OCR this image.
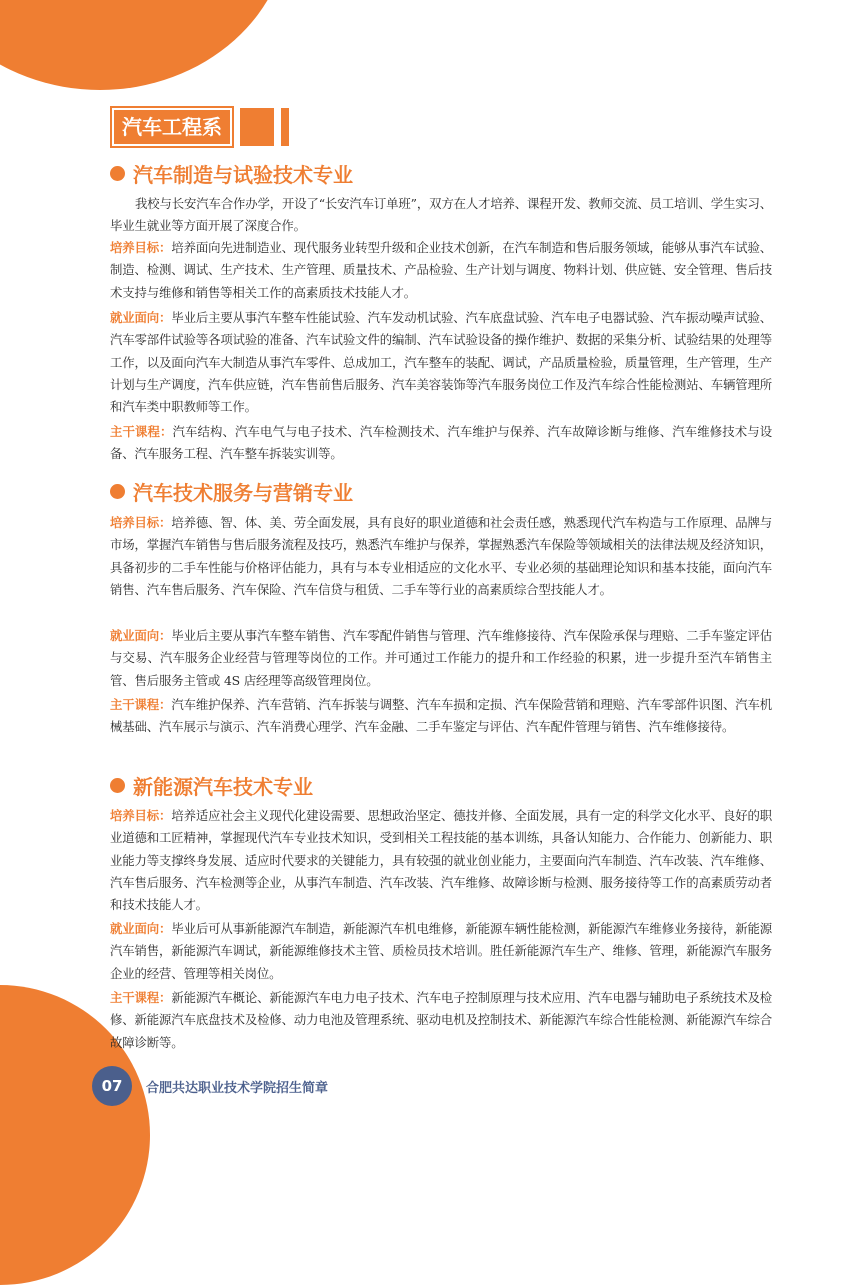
汽车工程系
汽车制造与试验技术专业

我校与长安汽车合作办学，开设了“长安汽车订单班”，双方在人才培养、课程开发、教师交流、员工培训、学生实习、毕业生就业等方面开展了深度合作。

培养目标：培养面向先进制造业、现代服务业转型升级和企业技术创新，在汽车制造和售后服务领域，能够从事汽车试验、制造、检测、调试、生产技术、生产管理、质量技术、产品检验、生产计划与调度、物料计划、供应链、安全管理、售后技术支持与维修和销售等相关工作的高素质技术技能人才。

就业面向：毕业后主要从事汽车整车性能试验、汽车发动机试验、汽车底盘试验、汽车电子电器试验、汽车振动噪声试验、汽车零部件试验等各项试验的准备、汽车试验文件的编制、汽车试验设备的操作维护、数据的采集分析、试验结果的处理等工作，以及面向汽车大制造从事汽车零件、总成加工，汽车整车的装配、调试，产品质量检验，质量管理，生产管理，生产计划与生产调度，汽车供应链，汽车售前售后服务、汽车美容装饰等汽车服务岗位工作及汽车综合性能检测站、车辆管理所和汽车类中职教师等工作。

主干课程：汽车结构、汽车电气与电子技术、汽车检测技术、汽车维护与保养、汽车故障诊断与维修、汽车维修技术与设备、汽车服务工程、汽车整车拆装实训等。

汽车技术服务与营销专业

培养目标：培养德、智、体、美、劳全面发展，具有良好的职业道德和社会责任感，熟悉现代汽车构造与工作原理、品牌与市场，掌握汽车销售与售后服务流程及技巧，熟悉汽车维护与保养，掌握熟悉汽车保险等领域相关的法律法规及经济知识，具备初步的二手车性能与价格评估能力，具有与本专业相适应的文化水平、专业必须的基础理论知识和基本技能，面向汽车销售、汽车售后服务、汽车保险、汽车信贷与租赁、二手车等行业的高素质综合型技能人才。

就业面向：毕业后主要从事汽车整车销售、汽车零配件销售与管理、汽车维修接待、汽车保险承保与理赔、二手车鉴定评估与交易、汽车服务企业经营与管理等岗位的工作。并可通过工作能力的提升和工作经验的积累，进一步提升至汽车销售主管、售后服务主管或 4S 店经理等高级管理岗位。

主干课程：汽车维护保养、汽车营销、汽车拆装与调整、汽车车损和定损、汽车保险营销和理赔、汽车零部件识图、汽车机械基础、汽车展示与演示、汽车消费心理学、汽车金融、二手车鉴定与评估、汽车配件管理与销售、汽车维修接待。

新能源汽车技术专业

培养目标：培养适应社会主义现代化建设需要、思想政治坚定、德技并修、全面发展，具有一定的科学文化水平、良好的职业道德和工匠精神，掌握现代汽车专业技术知识，受到相关工程技能的基本训练，具备认知能力、合作能力、创新能力、职业能力等支撑终身发展、适应时代要求的关键能力，具有较强的就业创业能力，主要面向汽车制造、汽车改装、汽车维修、汽车售后服务、汽车检测等企业，从事汽车制造、汽车改装、汽车维修、故障诊断与检测、服务接待等工作的高素质劳动者和技术技能人才。

就业面向：毕业后可从事新能源汽车制造，新能源汽车机电维修，新能源车辆性能检测，新能源汽车维修业务接待，新能源汽车销售，新能源汽车调试，新能源维修技术主管、质检员技术培训。胜任新能源汽车生产、维修、管理，新能源汽车服务企业的经营、管理等相关岗位。

主干课程：新能源汽车概论、新能源汽车电力电子技术、汽车电子控制原理与技术应用、汽车电器与辅助电子系统技术及检修、新能源汽车底盘技术及检修、动力电池及管理系统、驱动电机及控制技术、新能源汽车综合性能检测、新能源汽车综合故障诊断等。

07	合肥共达职业技术学院招生简章
